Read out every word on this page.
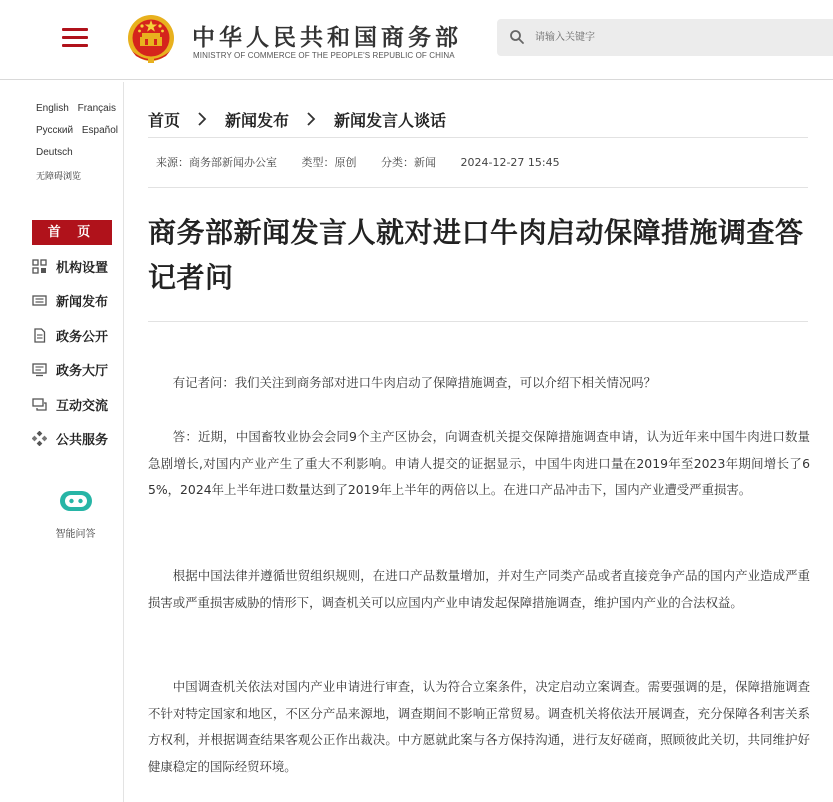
中华人民共和国商务部
MINISTRY OF COMMERCE OF THE PEOPLE'S REPUBLIC OF CHINA
请输入关键字
English Français
Русский Español
Deutsch
无障碍浏览
首 页
机构设置
新闻发布
政务公开
政务大厅
互动交流
公共服务
智能问答
首页	新闻发布	新闻发言人谈话
来源：商务部新闻办公室 类型：原创 分类：新闻 2024-12-27 15:45
商务部新闻发言人就对进口牛肉启动保障措施调查答记者问
有记者问：我们关注到商务部对进口牛肉启动了保障措施调查，可以介绍下相关情况吗？
答：近期，中国畜牧业协会会同9个主产区协会，向调查机关提交保障措施调查申请，认为近年来中国牛肉进口数量急剧增长,对国内产业产生了重大不利影响。申请人提交的证据显示，中国牛肉进口量在2019年至2023年期间增长了65%，2024年上半年进口数量达到了2019年上半年的两倍以上。在进口产品冲击下，国内产业遭受严重损害。
根据中国法律并遵循世贸组织规则，在进口产品数量增加，并对生产同类产品或者直接竞争产品的国内产业造成严重损害或严重损害威胁的情形下，调查机关可以应国内产业申请发起保障措施调查，维护国内产业的合法权益。
中国调查机关依法对国内产业申请进行审查，认为符合立案条件，决定启动立案调查。需要强调的是，保障措施调查不针对特定国家和地区，不区分产品来源地，调查期间不影响正常贸易。调查机关将依法开展调查，充分保障各利害关系方权利，并根据调查结果客观公正作出裁决。中方愿就此案与各方保持沟通，进行友好磋商，照顾彼此关切，共同维护好健康稳定的国际经贸环境。
